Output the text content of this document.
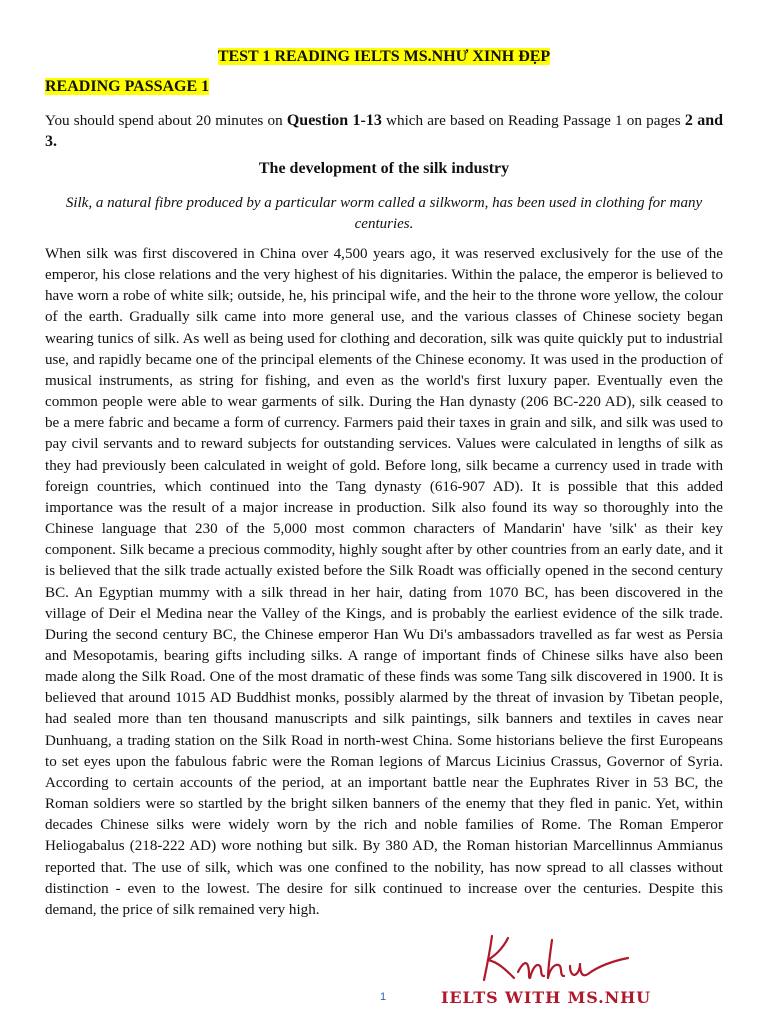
TEST 1 READING IELTS MS.NHƯ XINH ĐẸP
READING PASSAGE 1
You should spend about 20 minutes on Question 1-13 which are based on Reading Passage 1 on pages 2 and 3.
The development of the silk industry
Silk, a natural fibre produced by a particular worm called a silkworm, has been used in clothing for many centuries.
When silk was first discovered in China over 4,500 years ago, it was reserved exclusively for the use of the emperor, his close relations and the very highest of his dignitaries. Within the palace, the emperor is believed to have worn a robe of white silk; outside, he, his principal wife, and the heir to the throne wore yellow, the colour of the earth. Gradually silk came into more general use, and the various classes of Chinese society began wearing tunics of silk. As well as being used for clothing and decoration, silk was quite quickly put to industrial use, and rapidly became one of the principal elements of the Chinese economy. It was used in the production of musical instruments, as string for fishing, and even as the world's first luxury paper. Eventually even the common people were able to wear garments of silk. During the Han dynasty (206 BC-220 AD), silk ceased to be a mere fabric and became a form of currency. Farmers paid their taxes in grain and silk, and silk was used to pay civil servants and to reward subjects for outstanding services. Values were calculated in lengths of silk as they had previously been calculated in weight of gold. Before long, silk became a currency used in trade with foreign countries, which continued into the Tang dynasty (616-907 AD). It is possible that this added importance was the result of a major increase in production. Silk also found its way so thoroughly into the Chinese language that 230 of the 5,000 most common characters of Mandarin' have 'silk' as their key component. Silk became a precious commodity, highly sought after by other countries from an early date, and it is believed that the silk trade actually existed before the Silk Roadt was officially opened in the second century BC. An Egyptian mummy with a silk thread in her hair, dating from 1070 BC, has been discovered in the village of Deir el Medina near the Valley of the Kings, and is probably the earliest evidence of the silk trade. During the second century BC, the Chinese emperor Han Wu Di's ambassadors travelled as far west as Persia and Mesopotamis, bearing gifts including silks. A range of important finds of Chinese silks have also been made along the Silk Road. One of the most dramatic of these finds was some Tang silk discovered in 1900. It is believed that around 1015 AD Buddhist monks, possibly alarmed by the threat of invasion by Tibetan people, had sealed more than ten thousand manuscripts and silk paintings, silk banners and textiles in caves near Dunhuang, a trading station on the Silk Road in north-west China. Some historians believe the first Europeans to set eyes upon the fabulous fabric were the Roman legions of Marcus Licinius Crassus, Governor of Syria. According to certain accounts of the period, at an important battle near the Euphrates River in 53 BC, the Roman soldiers were so startled by the bright silken banners of the enemy that they fled in panic. Yet, within decades Chinese silks were widely worn by the rich and noble families of Rome. The Roman Emperor Heliogabalus (218-222 AD) wore nothing but silk. By 380 AD, the Roman historian Marcellinnus Ammianus reported that. The use of silk, which was one confined to the nobility, has now spread to all classes without distinction - even to the lowest. The desire for silk continued to increase over the centuries. Despite this demand, the price of silk remained very high.
1	IELTS WITH MS.NHU
